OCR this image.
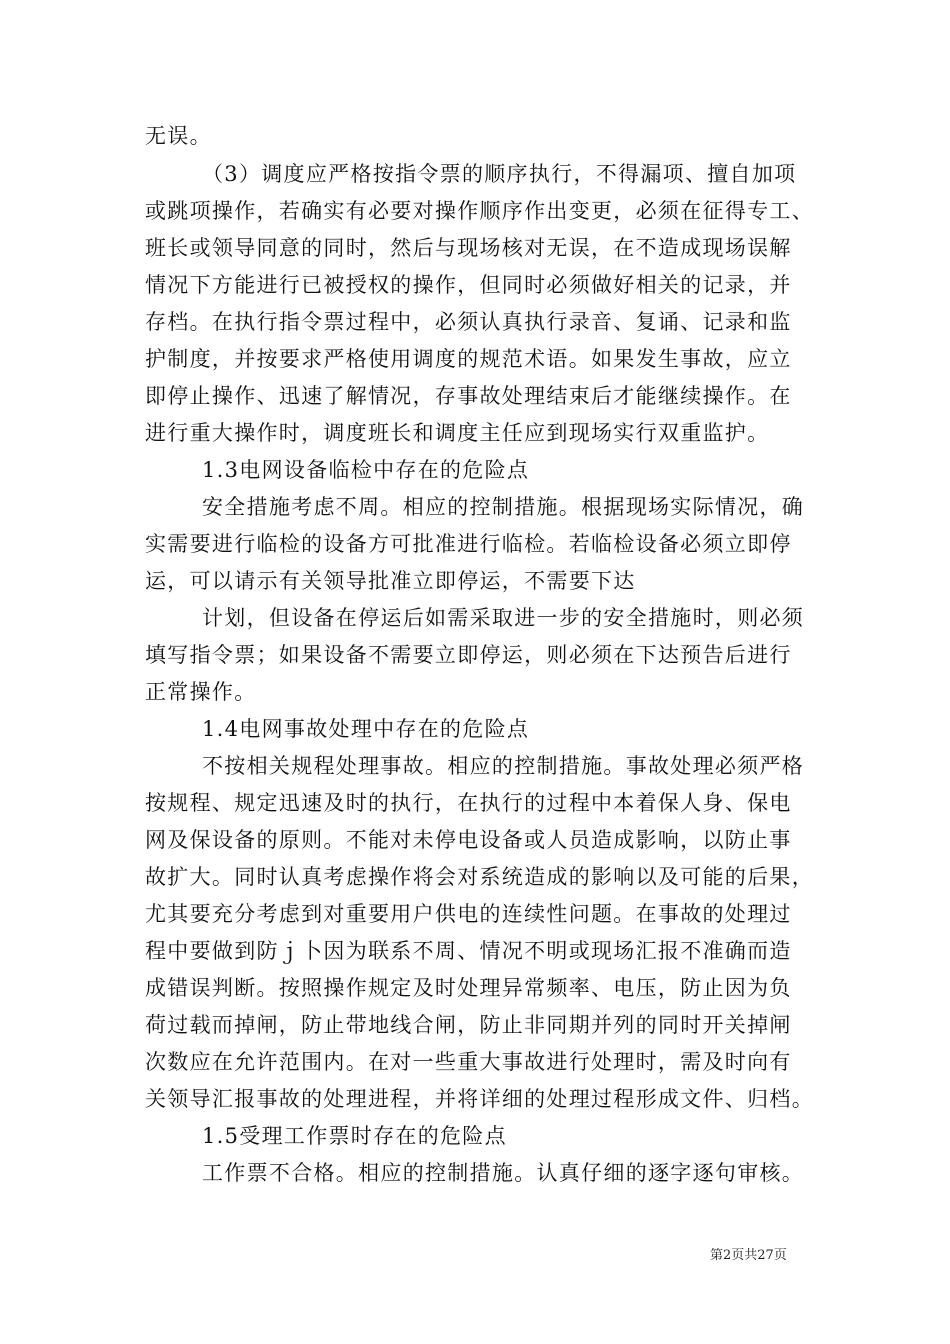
无误。
（3）调度应严格按指令票的顺序执行，不得漏项、擅自加项
或跳项操作，若确实有必要对操作顺序作出变更，必须在征得专工、
班长或领导同意的同时，然后与现场核对无误，在不造成现场误解
情况下方能进行已被授权的操作，但同时必须做好相关的记录，并
存档。在执行指令票过程中，必须认真执行录音、复诵、记录和监
护制度，并按要求严格使用调度的规范术语。如果发生事故，应立
即停止操作、迅速了解情况，存事故处理结束后才能继续操作。在
进行重大操作时，调度班长和调度主任应到现场实行双重监护。
1.3电网设备临检中存在的危险点
安全措施考虑不周。相应的控制措施。根据现场实际情况，确
实需要进行临检的设备方可批准进行临检。若临检设备必须立即停
运，可以请示有关领导批准立即停运，不需要下达
计划，但设备在停运后如需采取进一步的安全措施时，则必须
填写指令票；如果设备不需要立即停运，则必须在下达预告后进行
正常操作。
1.4电网事故处理中存在的危险点
不按相关规程处理事故。相应的控制措施。事故处理必须严格
按规程、规定迅速及时的执行，在执行的过程中本着保人身、保电
网及保设备的原则。不能对未停电设备或人员造成影响，以防止事
故扩大。同时认真考虑操作将会对系统造成的影响以及可能的后果，
尤其要充分考虑到对重要用户供电的连续性问题。在事故的处理过
程中要做到防ｊ卜因为联系不周、情况不明或现场汇报不准确而造
成错误判断。按照操作规定及时处理异常频率、电压，防止因为负
荷过载而掉闸，防止带地线合闸，防止非同期并列的同时开关掉闸
次数应在允许范围内。在对一些重大事故进行处理时，需及时向有
关领导汇报事故的处理进程，并将详细的处理过程形成文件、归档。
1.5受理工作票时存在的危险点
工作票不合格。相应的控制措施。认真仔细的逐字逐句审核。
第2页共27页
